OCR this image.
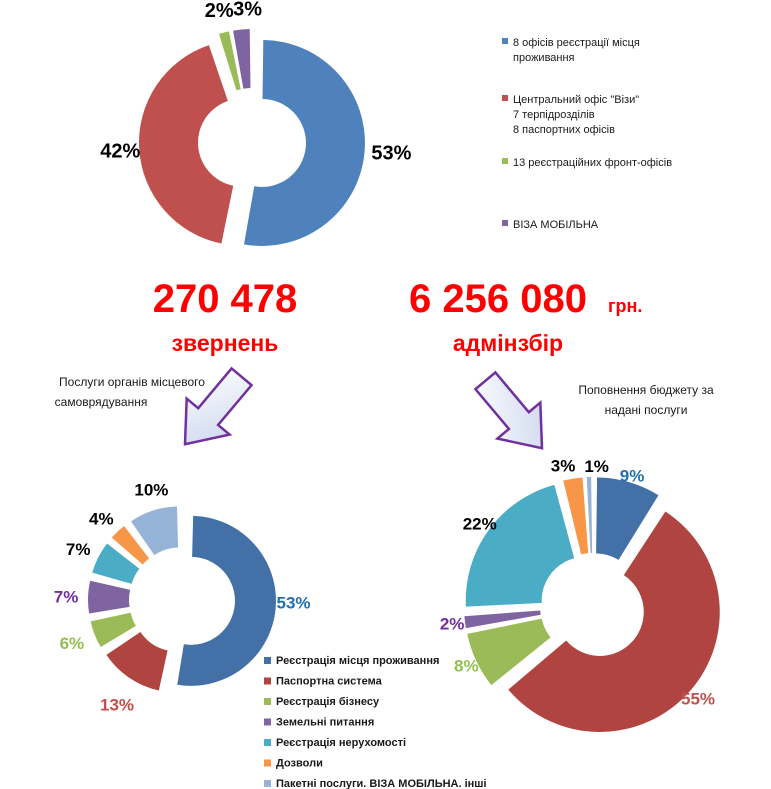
53%
42%
2% 3%
53%
13%
6%
7%
7%
4%
10%
9%
55%
8%
2%
22%
3% 1%
8 офісів реєстрації місця
проживання
Центральний офіс "Візи"
7 терпідрозділів
8 паспортних офісів
13 реєстраційних фронт-офісів
ВІЗА МОБІЛЬНА
Реєстрація місця проживання
Паспортна система
Реєстрація бізнесу
Земельні питання
Реєстрація нерухомості
Дозволи
Пакетні послуги. ВІЗА МОБІЛЬНА. інші
270 478
звернень
6 256 080 грн.
адмінзбір
Послуги органів місцевого
самоврядування
Поповнення бюджету за
надані послуги
